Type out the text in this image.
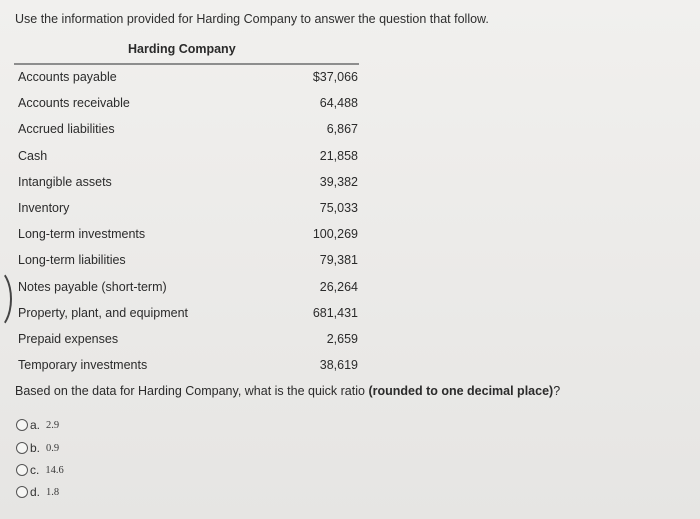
Use the information provided for Harding Company to answer the question that follow.
Harding Company
Accounts payable	$37,066
Accounts receivable	64,488
Accrued liabilities	6,867
Cash	21,858
Intangible assets	39,382
Inventory	75,033
Long-term investments	100,269
Long-term liabilities	79,381
Notes payable (short-term)	26,264
Property, plant, and equipment	681,431
Prepaid expenses	2,659
Temporary investments	38,619
Based on the data for Harding Company, what is the quick ratio (rounded to one decimal place)?
a. 2.9
b. 0.9
c. 14.6
d. 1.8
